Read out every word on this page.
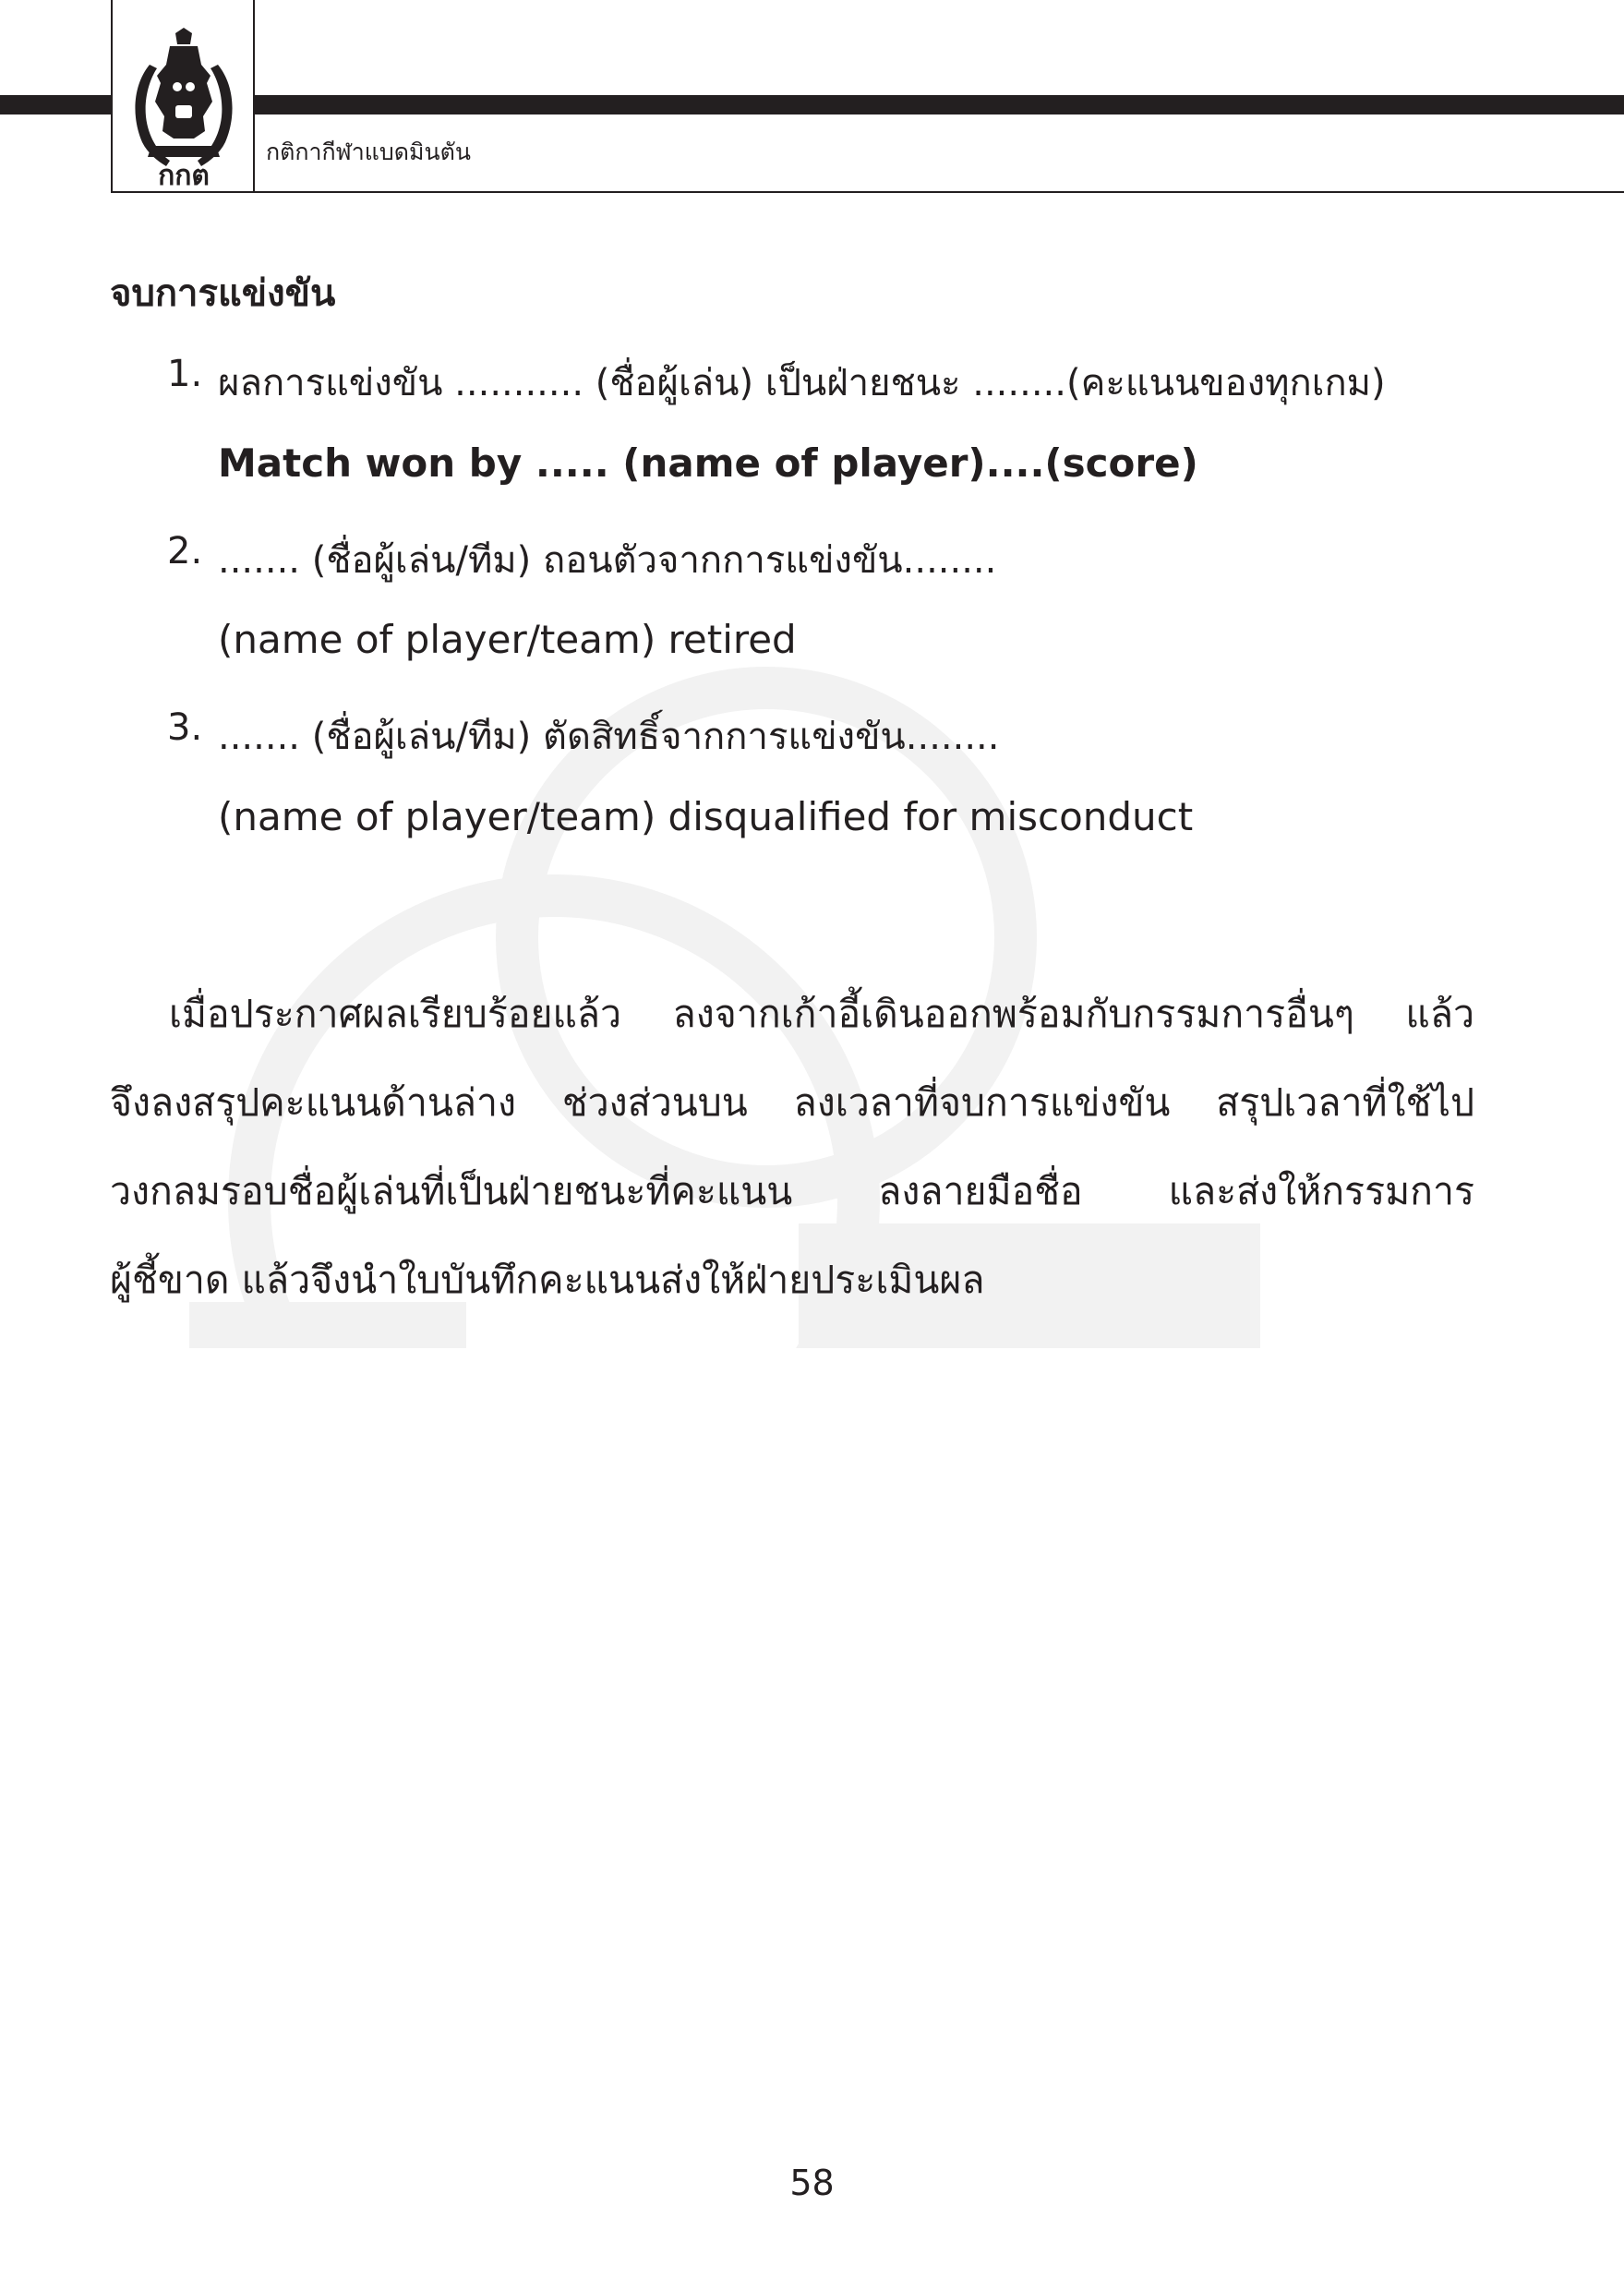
กกต
กติกากีฬาแบดมินตัน
จบการแข่งขัน
1. ผลการแข่งขัน ........... (ชื่อผู้เล่น) เป็นฝ่ายชนะ ........(คะแนนของทุกเกม)
Match won by ..... (name of player)....(score)
2. ....... (ชื่อผู้เล่น/ทีม) ถอนตัวจากการแข่งขัน........
(name of player/team) retired
3. ....... (ชื่อผู้เล่น/ทีม) ตัดสิทธิ์จากการแข่งขัน........
(name of player/team) disqualified for misconduct
เมื่อประกาศผลเรียบร้อยแล้ว ลงจากเก้าอี้เดินออกพร้อมกับกรรมการอื่นๆ แล้ว
จึงลงสรุปคะแนนด้านล่าง ช่วงส่วนบน ลงเวลาที่จบการแข่งขัน สรุปเวลาที่ใช้ไป
วงกลมรอบชื่อผู้เล่นที่เป็นฝ่ายชนะที่คะแนน ลงลายมือชื่อ และส่งให้กรรมการ
ผู้ชี้ขาด แล้วจึงนำใบบันทึกคะแนนส่งให้ฝ่ายประเมินผล
58
